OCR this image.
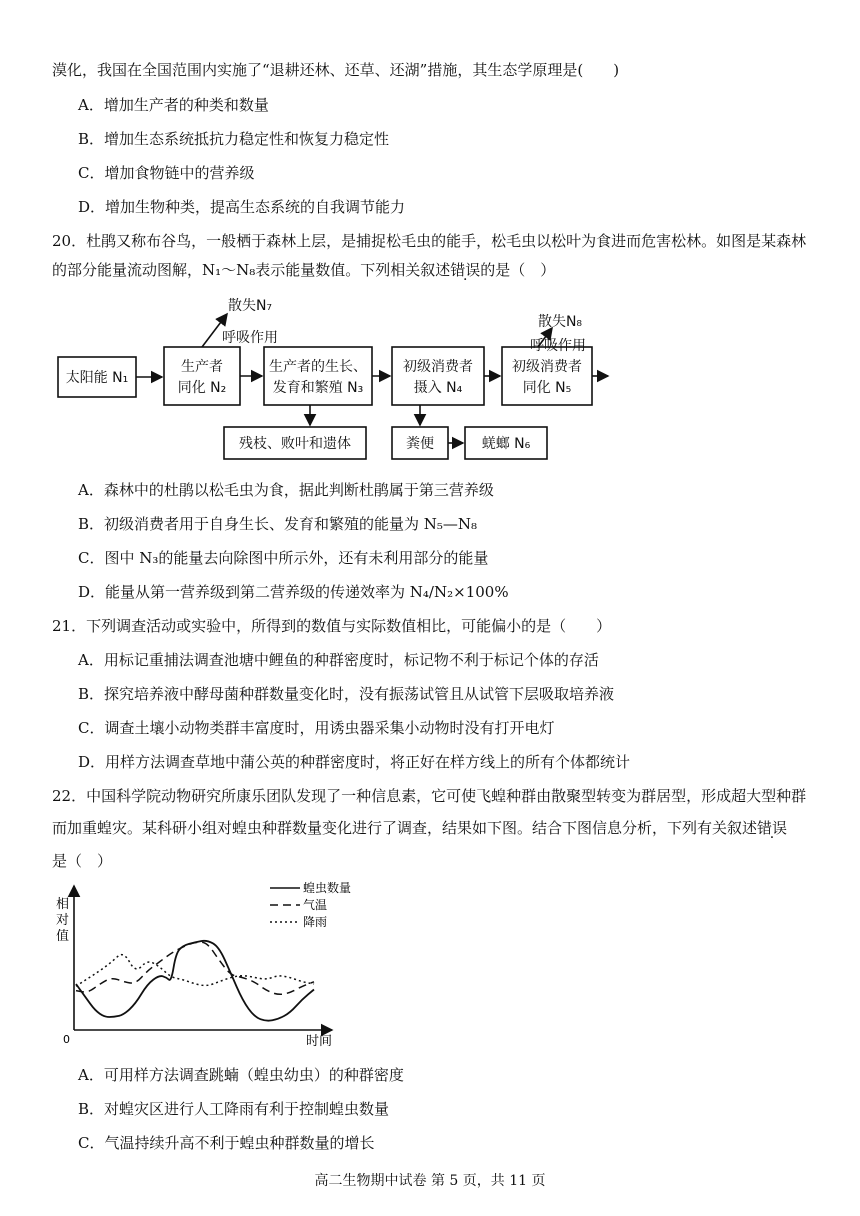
漠化，我国在全国范围内实施了“退耕还林、还草、还湖”措施，其生态学原理是(　　)
A．增加生产者的种类和数量
B．增加生态系统抵抗力稳定性和恢复力稳定性
C．增加食物链中的营养级
D．增加生物种类，提高生态系统的自我调节能力
20．杜鹃又称布谷鸟，一般栖于森林上层，是捕捉松毛虫的能手，松毛虫以松叶为食进而危害松林。如图是某森林
的部分能量流动图解，N₁～N₈表示能量数值。下列相关叙述错误的是（　）
太阳能 N₁
生产者
同化 N₂
生产者的生长、
发育和繁殖 N₃
初级消费者
摄入 N₄
初级消费者
同化 N₅
残枝、败叶和遗体	粪便	蜣螂 N₆
散失N₇
呼吸作用
散失N₈
呼吸作用
A．森林中的杜鹃以松毛虫为食，据此判断杜鹃属于第三营养级
B．初级消费者用于自身生长、发育和繁殖的能量为 N₅—N₈
C．图中 N₃的能量去向除图中所示外，还有未利用部分的能量
D．能量从第一营养级到第二营养级的传递效率为 N₄/N₂×100%
21．下列调查活动或实验中，所得到的数值与实际数值相比，可能偏小的是（　　）
A．用标记重捕法调查池塘中鲤鱼的种群密度时，标记物不利于标记个体的存活
B．探究培养液中酵母菌种群数量变化时，没有振荡试管且从试管下层吸取培养液
C．调查土壤小动物类群丰富度时，用诱虫器采集小动物时没有打开电灯
D．用样方法调查草地中蒲公英的种群密度时，将正好在样方线上的所有个体都统计
22．中国科学院动物研究所康乐团队发现了一种信息素，它可使飞蝗种群由散聚型转变为群居型，形成超大型种群
而加重蝗灾。某科研小组对蝗虫种群数量变化进行了调查，结果如下图。结合下图信息分析，下列有关叙述错误
是（　）
0	时间
相
对
值
蝗虫数量
气温
降雨
A．可用样方法调查跳蝻（蝗虫幼虫）的种群密度
B．对蝗灾区进行人工降雨有利于控制蝗虫数量
C．气温持续升高不利于蝗虫种群数量的增长
高二生物期中试卷 第 5 页，共 11 页
